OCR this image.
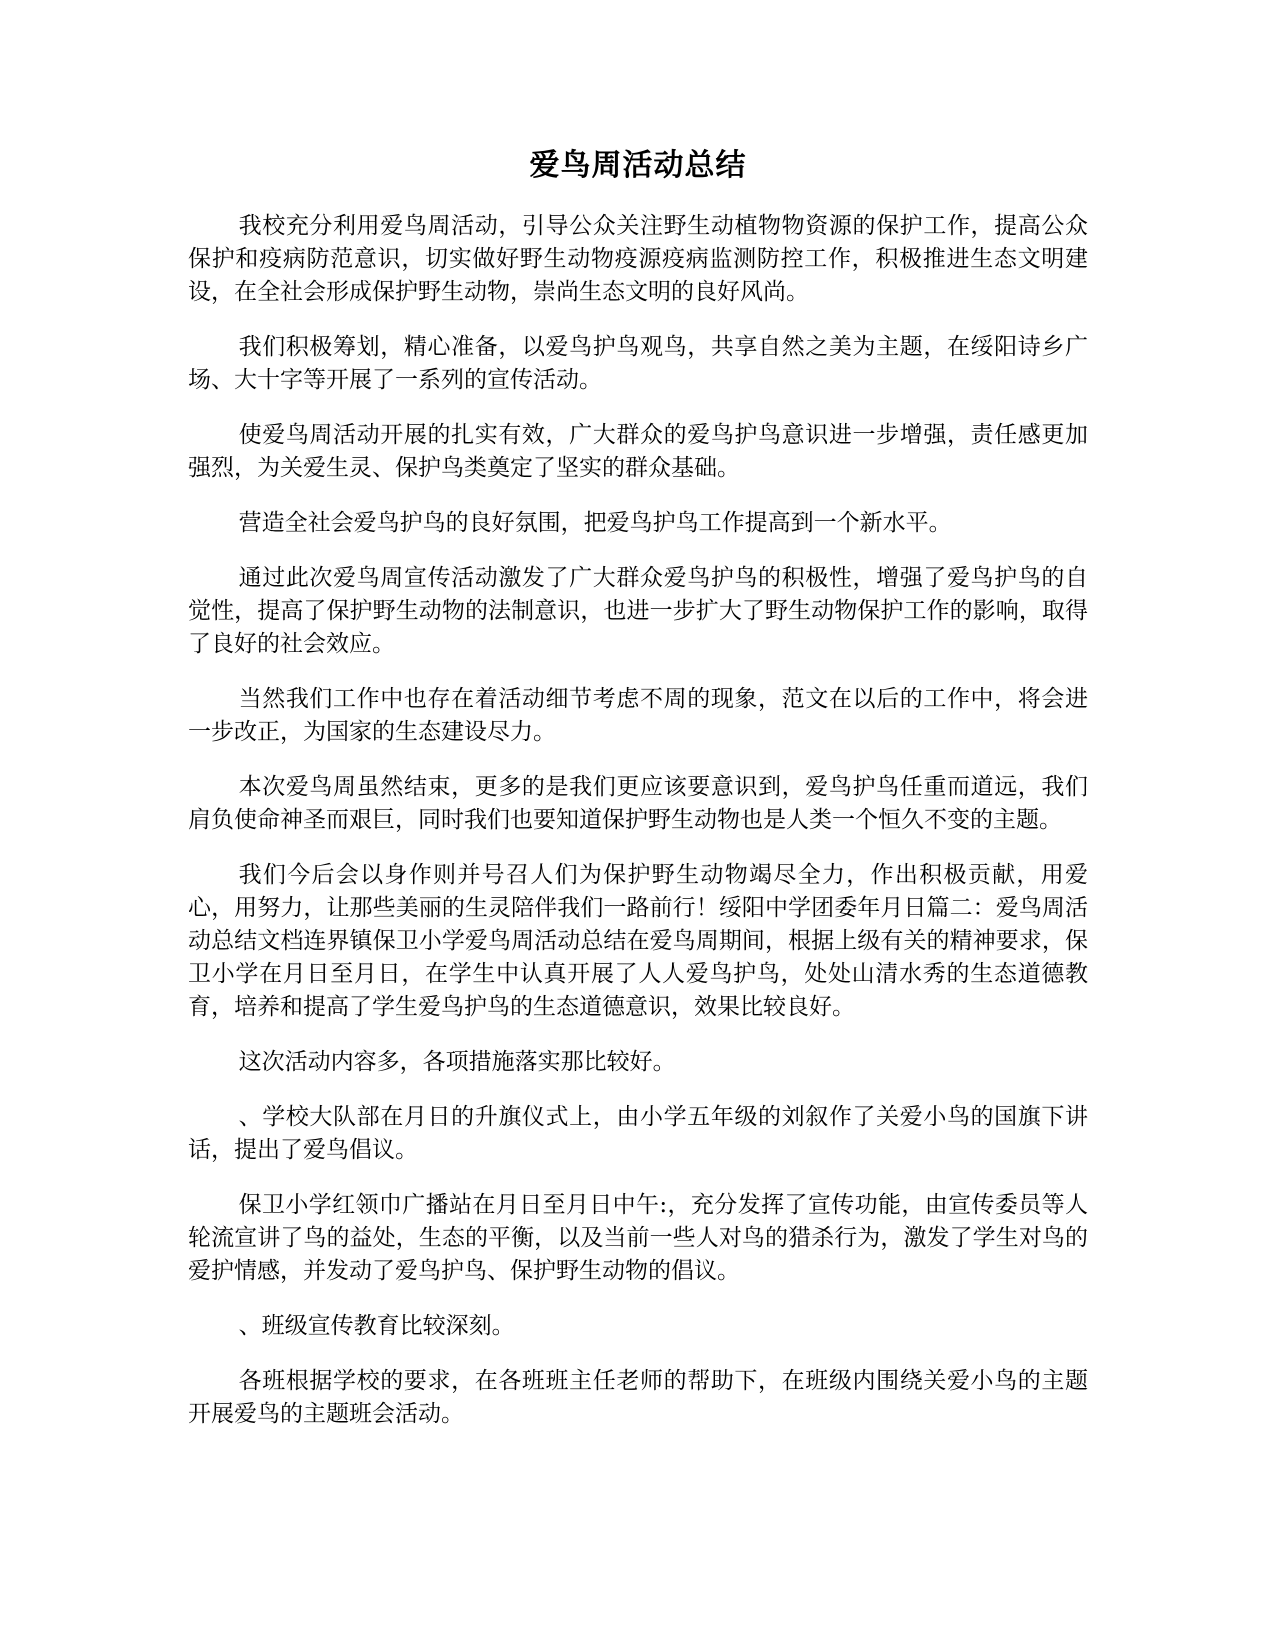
爱鸟周活动总结

我校充分利用爱鸟周活动，引导公众关注野生动植物物资源的保护工作，提高公众保护和疫病防范意识，切实做好野生动物疫源疫病监测防控工作，积极推进生态文明建设，在全社会形成保护野生动物，崇尚生态文明的良好风尚。

我们积极筹划，精心准备，以爱鸟护鸟观鸟，共享自然之美为主题，在绥阳诗乡广场、大十字等开展了一系列的宣传活动。

使爱鸟周活动开展的扎实有效，广大群众的爱鸟护鸟意识进一步增强，责任感更加强烈，为关爱生灵、保护鸟类奠定了坚实的群众基础。

营造全社会爱鸟护鸟的良好氛围，把爱鸟护鸟工作提高到一个新水平。

通过此次爱鸟周宣传活动激发了广大群众爱鸟护鸟的积极性，增强了爱鸟护鸟的自觉性，提高了保护野生动物的法制意识，也进一步扩大了野生动物保护工作的影响，取得了良好的社会效应。

当然我们工作中也存在着活动细节考虑不周的现象，范文在以后的工作中，将会进一步改正，为国家的生态建设尽力。

本次爱鸟周虽然结束，更多的是我们更应该要意识到，爱鸟护鸟任重而道远，我们肩负使命神圣而艰巨，同时我们也要知道保护野生动物也是人类一个恒久不变的主题。

我们今后会以身作则并号召人们为保护野生动物竭尽全力，作出积极贡献，用爱心，用努力，让那些美丽的生灵陪伴我们一路前行！绥阳中学团委年月日篇二：爱鸟周活动总结文档连界镇保卫小学爱鸟周活动总结在爱鸟周期间，根据上级有关的精神要求，保卫小学在月日至月日，在学生中认真开展了人人爱鸟护鸟，处处山清水秀的生态道德教育，培养和提高了学生爱鸟护鸟的生态道德意识，效果比较良好。

这次活动内容多，各项措施落实那比较好。

、学校大队部在月日的升旗仪式上，由小学五年级的刘叙作了关爱小鸟的国旗下讲话，提出了爱鸟倡议。

保卫小学红领巾广播站在月日至月日中午:，充分发挥了宣传功能，由宣传委员等人轮流宣讲了鸟的益处，生态的平衡，以及当前一些人对鸟的猎杀行为，激发了学生对鸟的爱护情感，并发动了爱鸟护鸟、保护野生动物的倡议。

、班级宣传教育比较深刻。

各班根据学校的要求，在各班班主任老师的帮助下，在班级内围绕关爱小鸟的主题开展爱鸟的主题班会活动。
